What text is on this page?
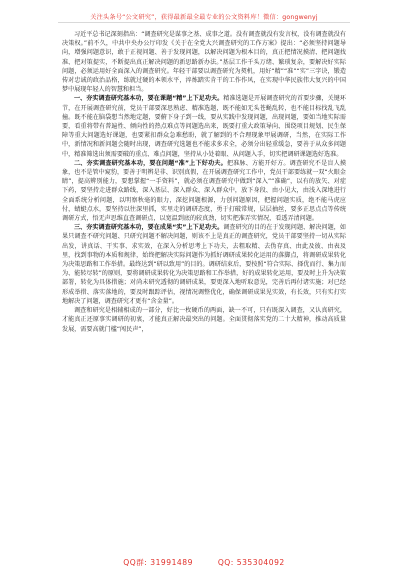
关注头条号“公文研究”，获得最新最全最专业的公文资料库！微信：gongwenyj

习近平总书记深刻指出：“调查研究是谋事之基、成事之道。没有调查就没有发言权，没有调查就没有决策权。”前不久，中共中央办公厅印发《关于在全党大兴调查研究的工作方案》提出：“必须坚持问题导向，增强问题意识，敢于正视问题、善于发现问题，以解决问题为根本目的，真正把情况摸清、把问题找准、把对策提实，不断提出真正解决问题的新思路新办法。”基层工作千头万绪、繁琐复杂，要解决好实际问题，必须运用好全面深入的调查研究。年轻干部要以调查研究为契机，用好“精”“准”“实”三字诀，锻造传对忠诚的政治品格，练就过硬的本领水平，淬炼踏实肯干的工作作风，在实现中华民族伟大复兴的中国梦中展现年轻人的智慧和担当。

一、夯实调查研究基本功，要在课题“精”上下足功夫。精准选题是开展调查研究的首要步骤，关键环节，在开展调查研究前，党员干部要深思熟虑、精准选题，既不能如无头苍蝇乱转，也不能目标找乱飞乱撞。既不能在脑袋想当然地定题，要俯下身子到一线，要从实践中发现问题，出现问题，要如当地实际需要，看重将带有普遍性、倾向性的热点难点等问题选出来，既要打重大政策导向、围绕项目规划、民生保障等重大问题选好课题，也要紧扣群众急难愁盼，就了解到的不合理现象甲展调研，当然，在实际工作中，新情况和新问题会随时出现，调查研究选题也不能求多求全，必须分出轻重缓急，要善于从众多问题中，精准筛选出须需要破的重点、难点问题，坚持从小处着眼、从问题入手，切实把调研课题选好选准。

二、夯实调查研究基本功，要在问题“准”上下好功夫。把准脉、方能开好方。调查研究不是盲人摸象，也不是管中窥豹，要善于明辨是非、识别真假，在开展调查研究工作中，党员干部要练就一双“火眼金睛”，提高辨别能力，要想掌握“一手资料”，就必须在调查研究中做到“深入”“准确”，以有的放矢、对症下药，要坚持走进群众路线，深入基层、深入群众、深入群众中，放下身段、由小见大，由浅入深地进行全面系统分析问题，以明察秋毫的眼力，深挖问题根源，力创问题原因，把握问题实质，绝不能马虎应付，蜻蜓点水，要坚持以往深里抓，实里走的调研态度，勇于打破常规，层层抽丝，要多正思点点等传统调研方式，悟无声思维直查调研点，以宽温到底的较真劲，切实把准弄实情况，看透弄清问题。

三、夯实调查研究基本功，要在成果“实”上下足功夫。调查研究的目的在于发现问题、解决问题，如果只调查不研究问题、只研究问题不解决问题，则该不上是真正的调查研究，党员干部要坚持一切从实际出发，讲真话、干实事、求实效，在深入分析思考上下功夫，去粗取精、去伪存真、由此及彼、由表及里，找到事物的本质和规律，始终把解决实际问题作为抓好调研成果转化运用的落脚点，将调研成果转化为决策思路和工作举措。最终达到“研以致用”的目的。调研结束后，要按照“符合实际、择优而行、集力而为、能转尽转”的原则，要将调研成果转化为决策思路和工作举措，好的成果转化运用，要及时上升为决策部署，转化为具体措施；对尚未研究透彻的调研成果，要更深入地听取意见，完善后再付诸实施；对已经形成举措、落实落地的，要及时跟踪评估，视情况调整优化，确保调研成果见实效，有长效，只有实打实地解决了问题，调查研究才更有“含金量”。

调查和研究是相辅相成的一部分，好比一枚硬币的两面，缺一不可，只有既深入调查，又认真研究，才能真正还原事实调研的初衷，才能真正解决最突出的问题。全面贯彻落实党的二十大精神，推动高质量发展，需要高就门槛“闯民声”，

QQ群: 31991489	QQ: 535304092
